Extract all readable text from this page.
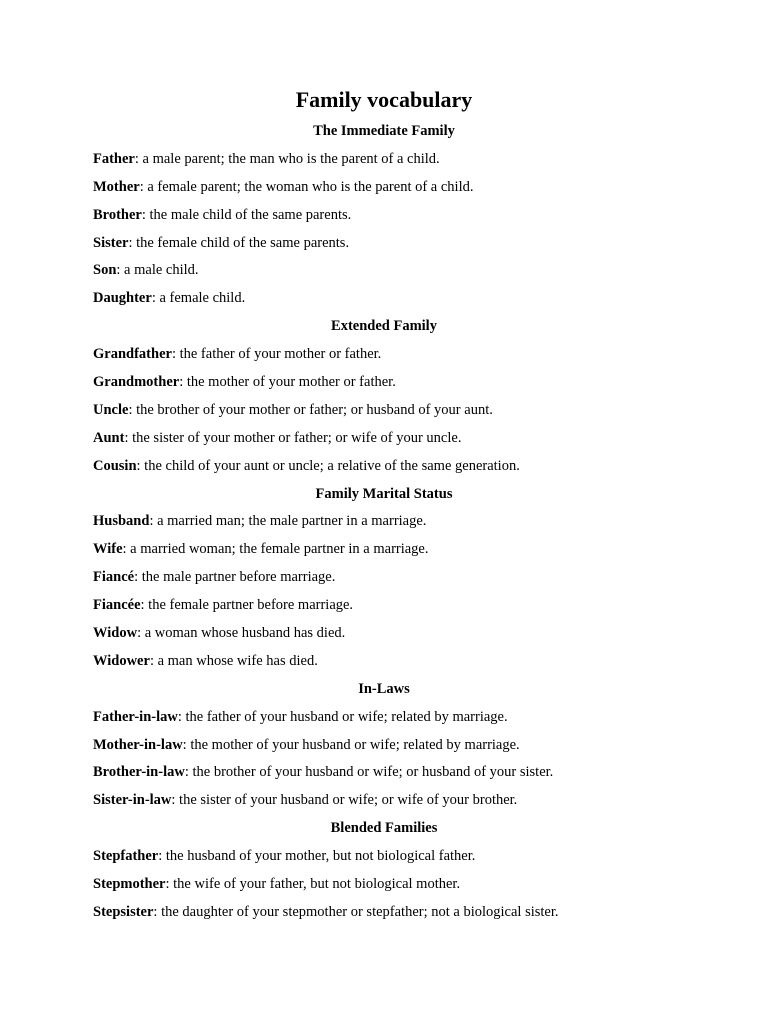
Family vocabulary

The Immediate Family

Father: a male parent; the man who is the parent of a child.

Mother: a female parent; the woman who is the parent of a child.

Brother: the male child of the same parents.

Sister: the female child of the same parents.

Son: a male child.

Daughter: a female child.

Extended Family

Grandfather: the father of your mother or father.

Grandmother: the mother of your mother or father.

Uncle: the brother of your mother or father; or husband of your aunt.

Aunt: the sister of your mother or father; or wife of your uncle.

Cousin: the child of your aunt or uncle; a relative of the same generation.

Family Marital Status

Husband: a married man; the male partner in a marriage.

Wife: a married woman; the female partner in a marriage.

Fiancé: the male partner before marriage.

Fiancée: the female partner before marriage.

Widow: a woman whose husband has died.

Widower: a man whose wife has died.

In-Laws

Father-in-law: the father of your husband or wife; related by marriage.

Mother-in-law: the mother of your husband or wife; related by marriage.

Brother-in-law: the brother of your husband or wife; or husband of your sister.

Sister-in-law: the sister of your husband or wife; or wife of your brother.

Blended Families

Stepfather: the husband of your mother, but not biological father.

Stepmother: the wife of your father, but not biological mother.

Stepsister: the daughter of your stepmother or stepfather; not a biological sister.
